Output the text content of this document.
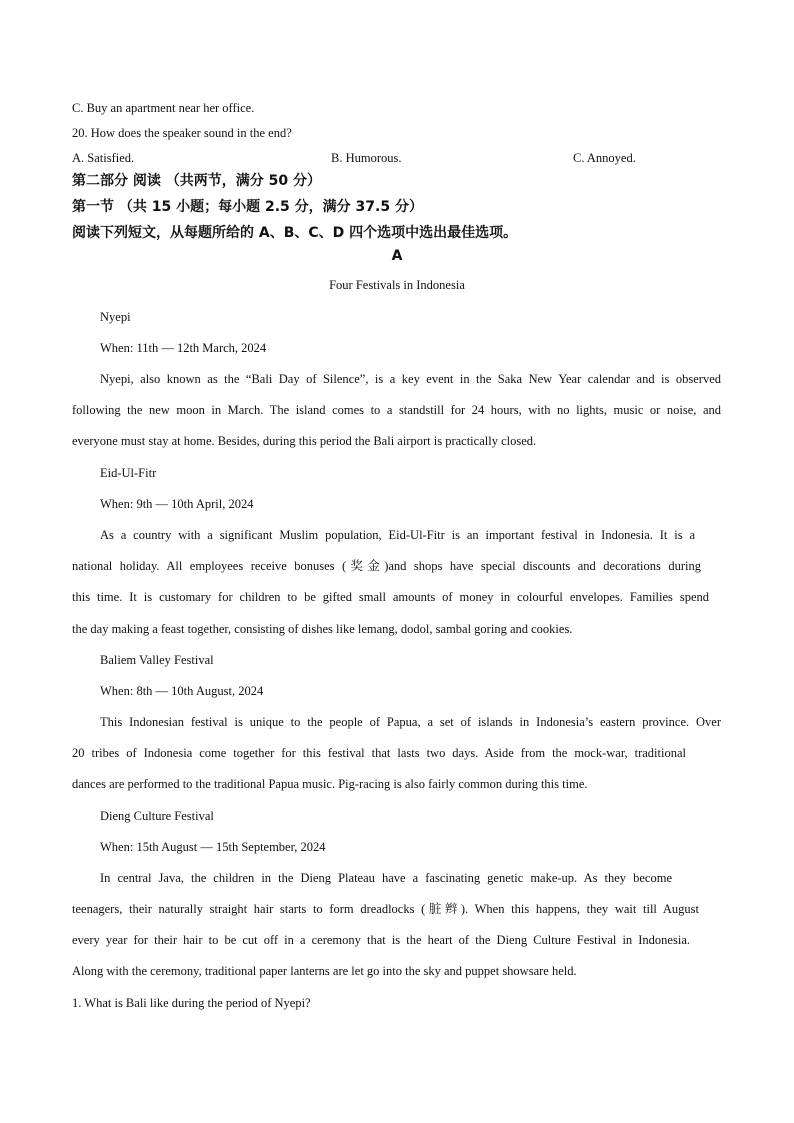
C. Buy an apartment near her office.
20. How does the speaker sound in the end?
A. Satisfied.	B. Humorous.	C. Annoyed.
第二部分 阅读 （共两节，满分 50 分）
第一节 （共 15 小题；每小题 2.5 分，满分 37.5 分）
阅读下列短文，从每题所给的 A、B、C、D 四个选项中选出最佳选项。
A
Four Festivals in Indonesia
Nyepi
When: 11th — 12th March, 2024
Nyepi, also known as the “Bali Day of Silence”, is a key event in the Saka New Year calendar and is observed
following the new moon in March. The island comes to a standstill for 24 hours, with no lights, music or noise, and
everyone must stay at home. Besides, during this period the Bali airport is practically closed.
Eid-Ul-Fitr
When: 9th — 10th April, 2024
As a country with a significant Muslim population, Eid-Ul-Fitr is an important festival in Indonesia. It is a
national holiday. All employees receive bonuses (奖金)and shops have special discounts and decorations during
this time. It is customary for children to be gifted small amounts of money in colourful envelopes. Families spend
the day making a feast together, consisting of dishes like lemang, dodol, sambal goring and cookies.
Baliem Valley Festival
When: 8th — 10th August, 2024
This Indonesian festival is unique to the people of Papua, a set of islands in Indonesia’s eastern province. Over
20 tribes of Indonesia come together for this festival that lasts two days. Aside from the mock-war, traditional
dances are performed to the traditional Papua music. Pig-racing is also fairly common during this time.
Dieng Culture Festival
When: 15th August — 15th September, 2024
In central Java, the children in the Dieng Plateau have a fascinating genetic make-up. As they become
teenagers, their naturally straight hair starts to form dreadlocks (脏辫). When this happens, they wait till August
every year for their hair to be cut off in a ceremony that is the heart of the Dieng Culture Festival in Indonesia.
Along with the ceremony, traditional paper lanterns are let go into the sky and puppet showsare held.
1. What is Bali like during the period of Nyepi?
